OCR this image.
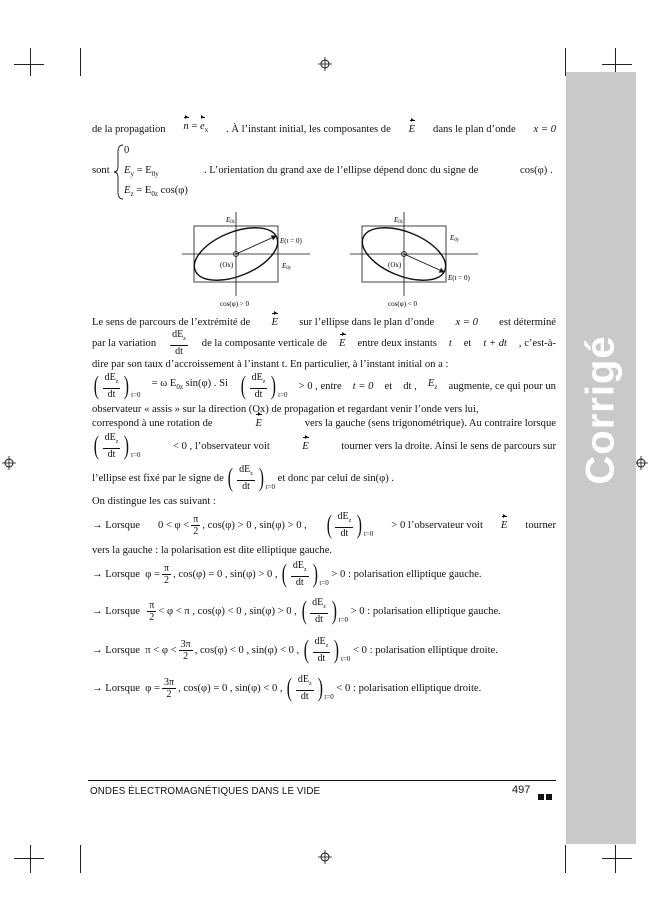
Corrigé
de la propagation $n = e_x$ . À l’instant initial, les composantes de E dans le plan d’onde x = 0
sont
0
$E_y = E_{0y}$
$E_z = E_{0z}$ cos(φ)
. L’orientation du grand axe de l’ellipse dépend donc du signe de	cos(φ) .
E0z
E0y
E(t = 0)
(Ox)
cos(φ) > 0
E0z
E0y
E(t = 0)
(Ox)
cos(φ) < 0
Le sens de parcours de l’extrémité de E sur l’ellipse dans le plan d’onde x = 0 est déterminé
par la variation $\frac{dE_z}{dt}$ de la composante verticale de E entre deux instants t et t + dt , c’est-à-

dire par son taux d’accroissement à l’instant t. En particulier, à l’instant initial on a :

( $\frac{dE_z}{dt}$ ) t=0
= ω $E_{0z}$ sin(φ) . Si ( $\frac{dE_z}{dt}$ ) t=0
> 0 , entre t = 0 et dt , $E_z$ augmente, ce qui pour un

observateur « assis » sur la direction (Ox) de propagation et regardant venir l’onde vers lui,

correspond à une rotation de	E	vers la gauche (sens trigonométrique). Au contraire lorsque
( $\frac{dE_z}{dt}$ ) t=0
< 0 , l’observateur voit	E	tourner vers la droite. Ainsi le sens de parcours sur
l’ellipse est fixé par le signe de
( $\frac{dE_z}{dt}$ ) t=0

et donc par celui de
sin(φ) .

On distingue les cas suivant :

→ Lorsque $0 < \varphi < \frac{\pi}{2}$ , cos(φ) > 0 , sin(φ) > 0 , ( $\frac{dE_z}{dt}$ ) t=0
> 0 l’observateur voit E tourner

vers la gauche : la polarisation est dite elliptique gauche.

→ Lorsque
$\varphi = \frac{\pi}{2}$ , cos(φ) = 0 , sin(φ) > 0 ,
( $\frac{dE_z}{dt}$ ) t=0

> 0 : polarisation elliptique gauche.
→ Lorsque
$\frac{\pi}{2} < \varphi < \pi$ , cos(φ) < 0 , sin(φ) > 0 ,
( $\frac{dE_z}{dt}$ ) t=0

> 0 : polarisation elliptique gauche.
→ Lorsque
$\pi < \varphi < \frac{3\pi}{2}$ , cos(φ) < 0 , sin(φ) < 0 ,
( $\frac{dE_z}{dt}$ ) t=0

< 0 : polarisation elliptique droite.
→ Lorsque
$\varphi = \frac{3\pi}{2}$ , cos(φ) = 0 , sin(φ) < 0 ,
( $\frac{dE_z}{dt}$ ) t=0

< 0 : polarisation elliptique droite.
ONDES ÉLECTROMAGNÉTIQUES DANS LE VIDE	497
